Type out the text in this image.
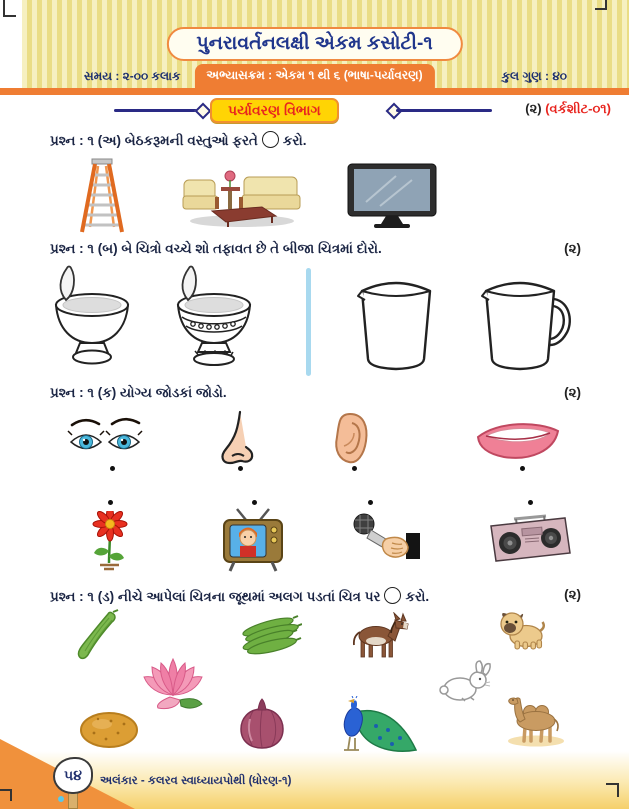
અભ્યાસક્રમ : એકમ ૧ થી ૬ (ભાષા-પર્યાવરણ)
પુનરાવર્તનલક્ષી એકમ કસોટી-૧
સમય : ૨-૦૦ કલાક	કુલ ગુણ : ૪૦
પર્યાવરણ વિભાગ	(૨) (વર્કશીટ-૦૧)
પ્રશ્ન : ૧ (અ) બેઠકરૂમની વસ્તુઓ ફરતે કરો.
પ્રશ્ન : ૧ (બ) બે ચિત્રો વચ્ચે શો તફાવત છે તે બીજા ચિત્રમાં દોરો.	(૨)
પ્રશ્ન : ૧ (ક) યોગ્ય જોડકાં જોડો.	(૨)
પ્રશ્ન : ૧ (ડ) નીચે આપેલાં ચિત્રના જૂથમાં અલગ પડતાં ચિત્ર પર કરો.	(૨)
૫૪	અલંકાર - કલરવ સ્વાધ્યાયપોથી (ધોરણ-૧)
